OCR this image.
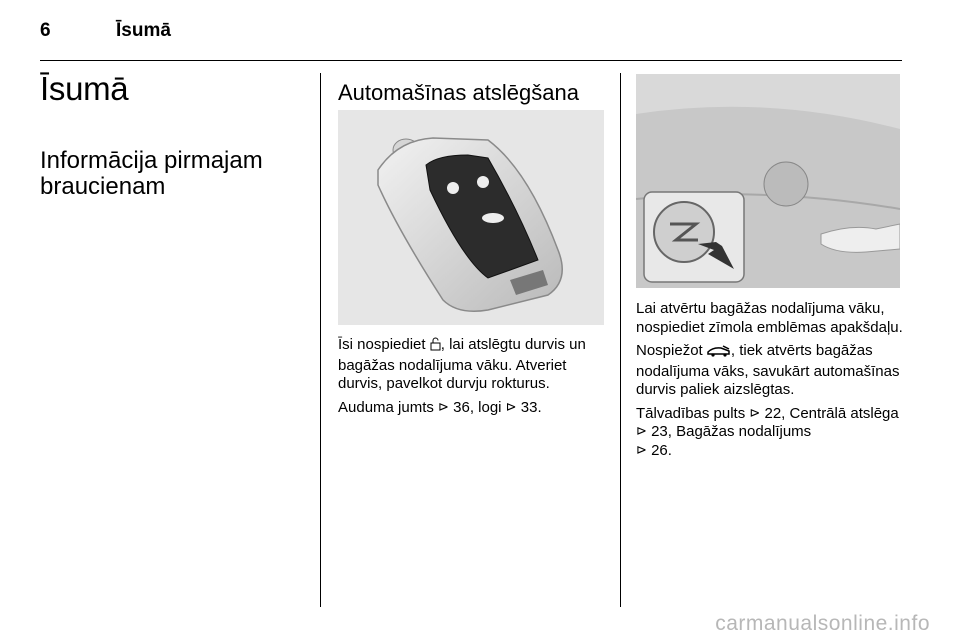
6	Īsumā
Īsumā
Informācija pirmajam braucienam
Automašīnas atslēgšana

Īsi nospiediet , lai atslēgtu durvis un bagāžas nodalījuma vāku. Atveriet durvis, pavelkot durvju rokturus.

Auduma jumts ⊳ 36, logi ⊳ 33.

Lai atvērtu bagāžas nodalījuma vāku, nospiediet zīmola emblēmas apakšdaļu.

Nospiežot , tiek atvērts bagāžas nodalījuma vāks, savukārt automašīnas durvis paliek aizslēgtas.

Tālvadības pults ⊳ 22, Centrālā atslēga ⊳ 23, Bagāžas nodalījums
⊳ 26.

carmanualsonline.info
